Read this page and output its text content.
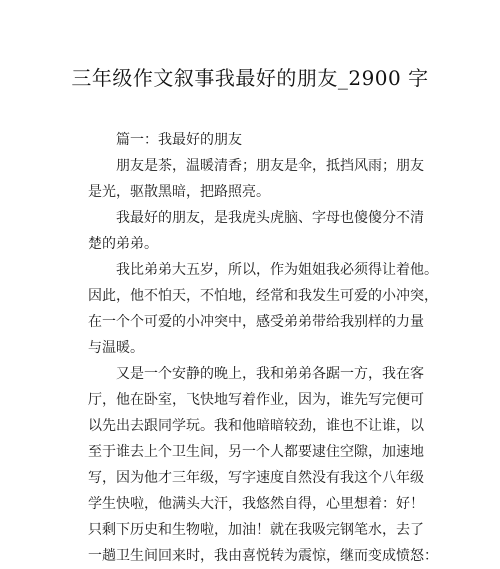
三年级作文叙事我最好的朋友_2900 字

篇一：我最好的朋友

朋友是茶，温暖清香；朋友是伞，抵挡风雨；朋友

是光，驱散黑暗，把路照亮。

我最好的朋友，是我虎头虎脑、字母也傻傻分不清

楚的弟弟。

我比弟弟大五岁，所以，作为姐姐我必须得让着他。

因此，他不怕天，不怕地，经常和我发生可爱的小冲突，

在一个个可爱的小冲突中，感受弟弟带给我别样的力量

与温暖。

又是一个安静的晚上，我和弟弟各踞一方，我在客

厅，他在卧室，飞快地写着作业，因为，谁先写完便可

以先出去跟同学玩。我和他暗暗较劲，谁也不让谁，以

至于谁去上个卫生间，另一个人都要逮住空隙，加速地

写，因为他才三年级，写字速度自然没有我这个八年级

学生快啦，他满头大汗，我悠然自得，心里想着：好！

只剩下历史和生物啦，加油！就在我吸完钢笔水，去了

一趟卫生间回来时，我由喜悦转为震惊，继而变成愤怒：
